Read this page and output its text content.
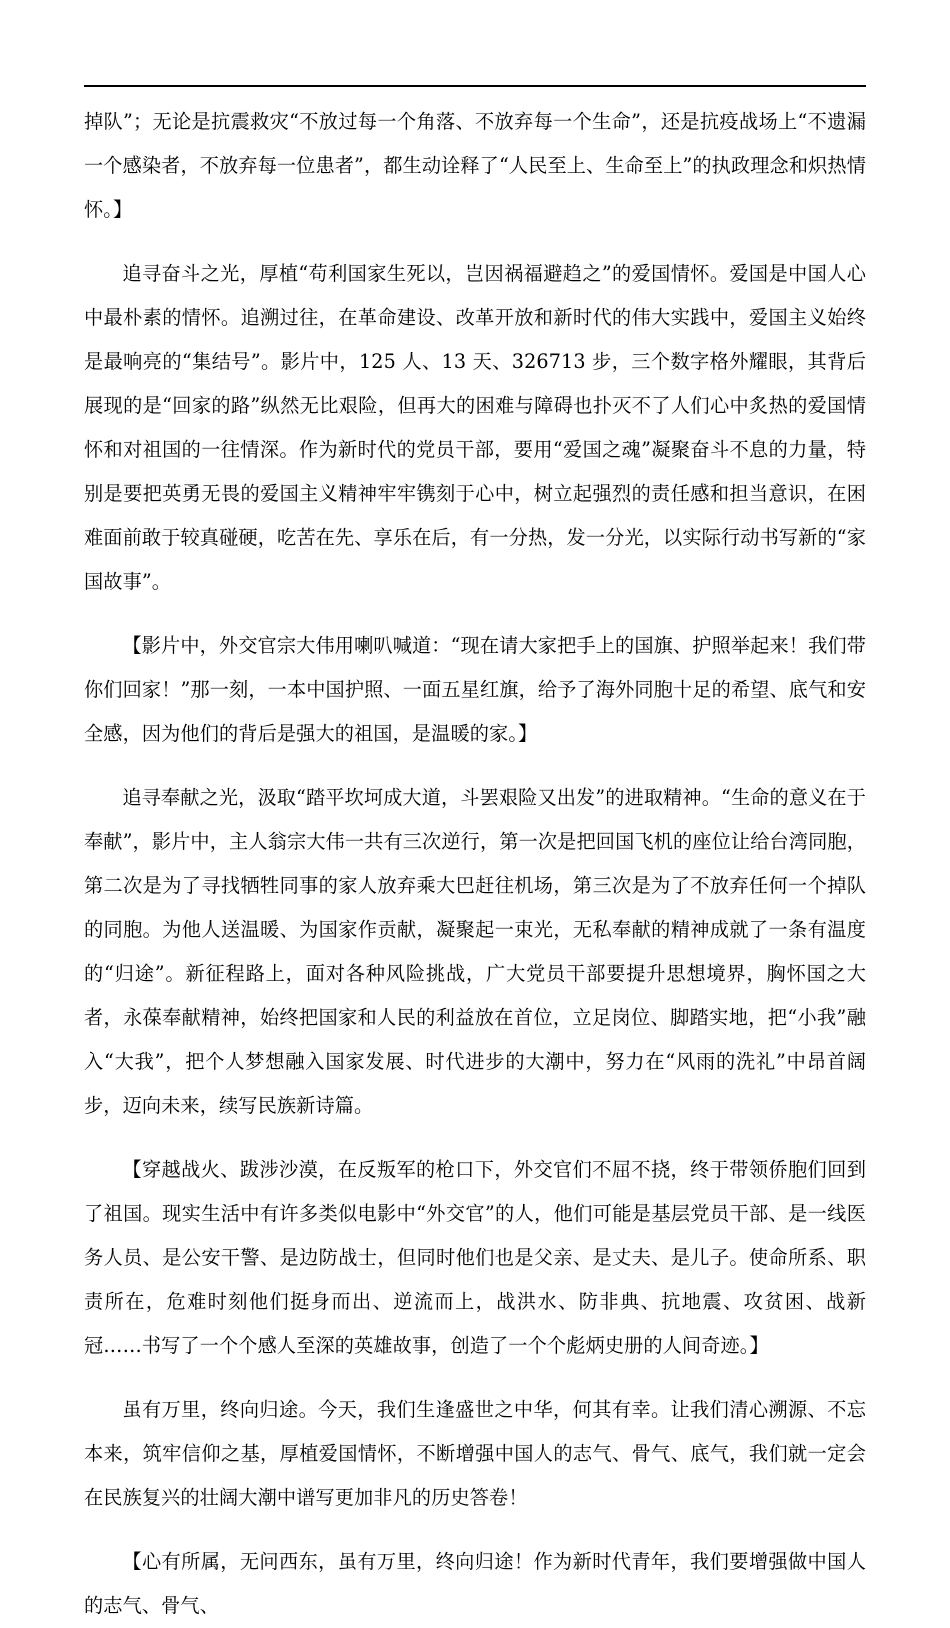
掉队”；无论是抗震救灾“不放过每一个角落、不放弃每一个生命”，还是抗疫战场上“不遗漏一个感染者，不放弃每一位患者”，都生动诠释了“人民至上、生命至上”的执政理念和炽热情怀。】

追寻奋斗之光，厚植“苟利国家生死以，岂因祸福避趋之”的爱国情怀。爱国是中国人心中最朴素的情怀。追溯过往，在革命建设、改革开放和新时代的伟大实践中，爱国主义始终是最响亮的“集结号”。影片中，125 人、13 天、326713 步，三个数字格外耀眼，其背后展现的是“回家的路”纵然无比艰险，但再大的困难与障碍也扑灭不了人们心中炙热的爱国情怀和对祖国的一往情深。作为新时代的党员干部，要用“爱国之魂”凝聚奋斗不息的力量，特别是要把英勇无畏的爱国主义精神牢牢镌刻于心中，树立起强烈的责任感和担当意识，在困难面前敢于较真碰硬，吃苦在先、享乐在后，有一分热，发一分光，以实际行动书写新的“家国故事”。

【影片中，外交官宗大伟用喇叭喊道：“现在请大家把手上的国旗、护照举起来！我们带你们回家！”那一刻，一本中国护照、一面五星红旗，给予了海外同胞十足的希望、底气和安全感，因为他们的背后是强大的祖国，是温暖的家。】

追寻奉献之光，汲取“踏平坎坷成大道，斗罢艰险又出发”的进取精神。“生命的意义在于奉献”，影片中，主人翁宗大伟一共有三次逆行，第一次是把回国飞机的座位让给台湾同胞，第二次是为了寻找牺牲同事的家人放弃乘大巴赶往机场，第三次是为了不放弃任何一个掉队的同胞。为他人送温暖、为国家作贡献，凝聚起一束光，无私奉献的精神成就了一条有温度的“归途”。新征程路上，面对各种风险挑战，广大党员干部要提升思想境界，胸怀国之大者，永葆奉献精神，始终把国家和人民的利益放在首位，立足岗位、脚踏实地，把“小我”融入“大我”，把个人梦想融入国家发展、时代进步的大潮中，努力在“风雨的洗礼”中昂首阔步，迈向未来，续写民族新诗篇。

【穿越战火、跋涉沙漠，在反叛军的枪口下，外交官们不屈不挠，终于带领侨胞们回到了祖国。现实生活中有许多类似电影中“外交官”的人，他们可能是基层党员干部、是一线医务人员、是公安干警、是边防战士，但同时他们也是父亲、是丈夫、是儿子。使命所系、职责所在，危难时刻他们挺身而出、逆流而上，战洪水、防非典、抗地震、攻贫困、战新冠……书写了一个个感人至深的英雄故事，创造了一个个彪炳史册的人间奇迹。】

虽有万里，终向归途。今天，我们生逢盛世之中华，何其有幸。让我们清心溯源、不忘本来，筑牢信仰之基，厚植爱国情怀，不断增强中国人的志气、骨气、底气，我们就一定会在民族复兴的壮阔大潮中谱写更加非凡的历史答卷！

【心有所属，无问西东，虽有万里，终向归途！作为新时代青年，我们要增强做中国人的志气、骨气、
